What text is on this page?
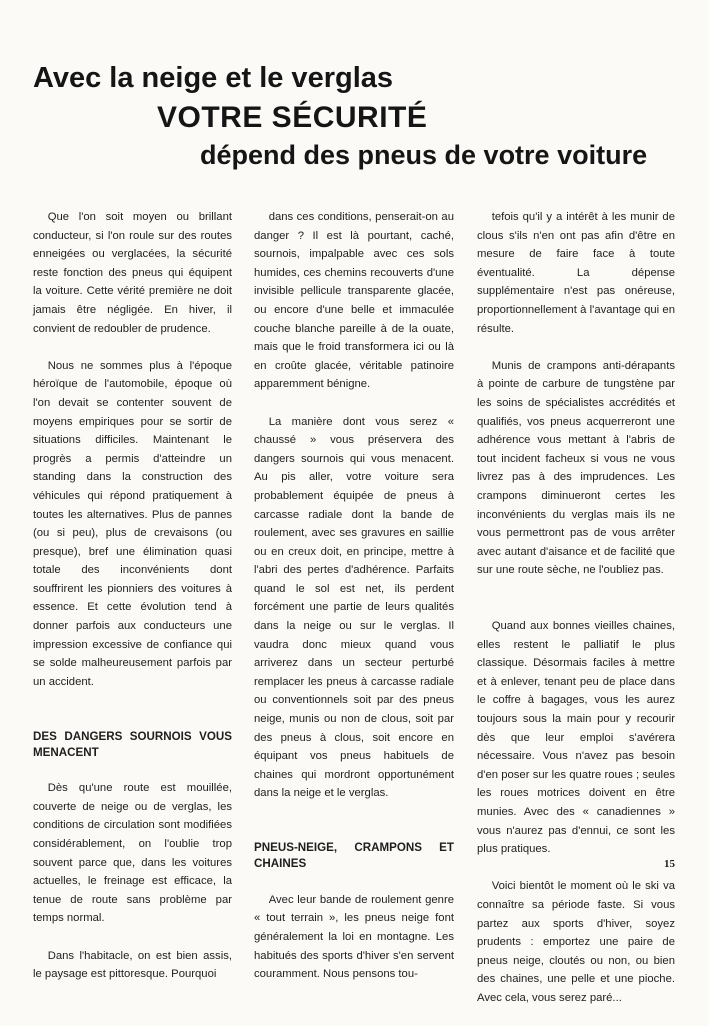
Avec la neige et le verglas
VOTRE SÉCURITÉ
dépend des pneus de votre voiture

Que l'on soit moyen ou brillant conducteur, si l'on roule sur des routes enneigées ou verglacées, la sécurité reste fonction des pneus qui équipent la voiture. Cette vérité première ne doit jamais être négligée. En hiver, il convient de redoubler de prudence.

Nous ne sommes plus à l'époque héroïque de l'automobile, époque où l'on devait se contenter souvent de moyens empiriques pour se sortir de situations difficiles. Maintenant le progrès a permis d'atteindre un standing dans la construction des véhicules qui répond pratiquement à toutes les alternatives. Plus de pannes (ou si peu), plus de crevaisons (ou presque), bref une élimination quasi totale des inconvénients dont souffrirent les pionniers des voitures à essence. Et cette évolution tend à donner parfois aux conducteurs une impression excessive de confiance qui se solde malheureusement parfois par un accident.

DES DANGERS SOURNOIS VOUS MENACENT

Dès qu'une route est mouillée, couverte de neige ou de verglas, les conditions de circulation sont modifiées considérablement, on l'oublie trop souvent parce que, dans les voitures actuelles, le freinage est efficace, la tenue de route sans problème par temps normal.

Dans l'habitacle, on est bien assis, le paysage est pittoresque. Pourquoi

dans ces conditions, penserait-on au danger ? Il est là pourtant, caché, sournois, impalpable avec ces sols humides, ces chemins recouverts d'une invisible pellicule transparente glacée, ou encore d'une belle et immaculée couche blanche pareille à de la ouate, mais que le froid transformera ici ou là en croûte glacée, véritable patinoire apparemment bénigne.

La manière dont vous serez « chaussé » vous préservera des dangers sournois qui vous menacent. Au pis aller, votre voiture sera probablement équipée de pneus à carcasse radiale dont la bande de roulement, avec ses gravures en saillie ou en creux doit, en principe, mettre à l'abri des pertes d'adhérence. Parfaits quand le sol est net, ils perdent forcément une partie de leurs qualités dans la neige ou sur le verglas. Il vaudra donc mieux quand vous arriverez dans un secteur perturbé remplacer les pneus à carcasse radiale ou conventionnels soit par des pneus neige, munis ou non de clous, soit par des pneus à clous, soit encore en équipant vos pneus habituels de chaines qui mordront opportunément dans la neige et le verglas.

PNEUS-NEIGE, CRAMPONS ET CHAINES

Avec leur bande de roulement genre « tout terrain », les pneus neige font généralement la loi en montagne. Les habitués des sports d'hiver s'en servent couramment. Nous pensons tou-

tefois qu'il y a intérêt à les munir de clous s'ils n'en ont pas afin d'être en mesure de faire face à toute éventualité. La dépense supplémentaire n'est pas onéreuse, proportionnellement à l'avantage qui en résulte.

Munis de crampons anti-dérapants à pointe de carbure de tungstène par les soins de spécialistes accrédités et qualifiés, vos pneus acquerreront une adhérence vous mettant à l'abris de tout incident facheux si vous ne vous livrez pas à des imprudences. Les crampons diminueront certes les inconvénients du verglas mais ils ne vous permettront pas de vous arrêter avec autant d'aisance et de facilité que sur une route sèche, ne l'oubliez pas.

Quand aux bonnes vieilles chaines, elles restent le palliatif le plus classique. Désormais faciles à mettre et à enlever, tenant peu de place dans le coffre à bagages, vous les aurez toujours sous la main pour y recourir dès que leur emploi s'avérera nécessaire. Vous n'avez pas besoin d'en poser sur les quatre roues ; seules les roues motrices doivent en être munies. Avec des « canadiennes » vous n'aurez pas d'ennui, ce sont les plus pratiques.

Voici bientôt le moment où le ski va connaître sa période faste. Si vous partez aux sports d'hiver, soyez prudents : emportez une paire de pneus neige, cloutés ou non, ou bien des chaines, une pelle et une pioche. Avec cela, vous serez paré...

15
